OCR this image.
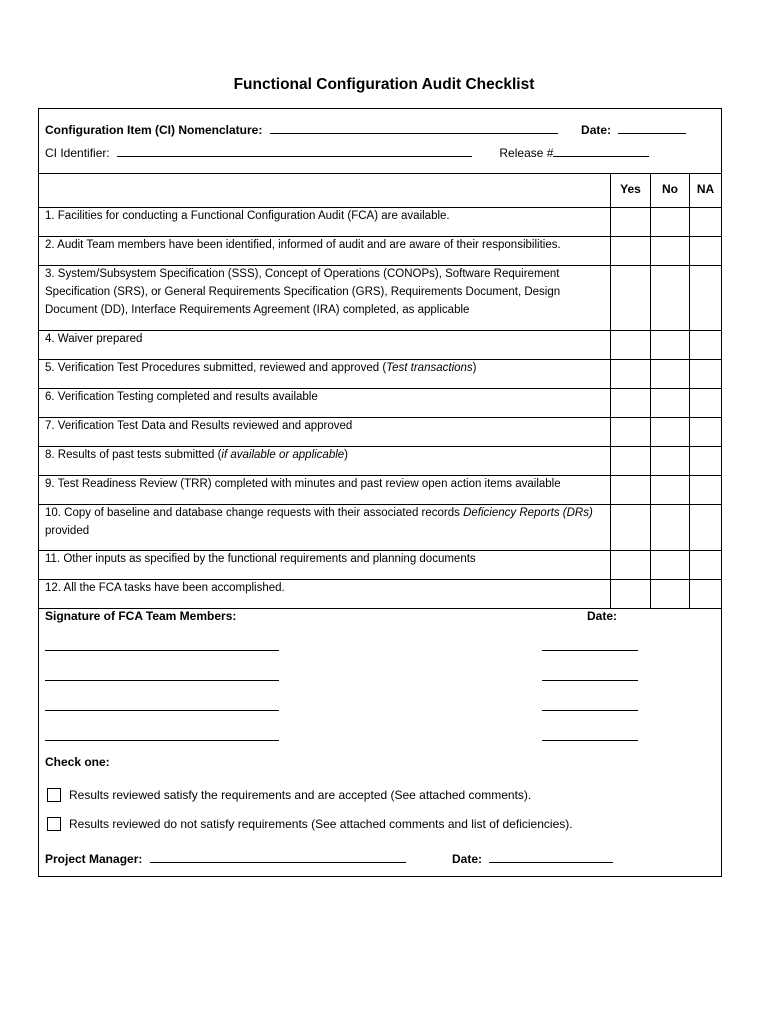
Functional Configuration Audit Checklist
Configuration Item (CI) Nomenclature:	Date:
CI Identifier:	Release #
Yes	No	NA
1. Facilities for conducting a Functional Configuration Audit (FCA) are available.
2. Audit Team members have been identified, informed of audit and are aware of their responsibilities.
3. System/Subsystem Specification (SSS), Concept of Operations (CONOPs), Software Requirement Specification (SRS), or General Requirements Specification (GRS), Requirements Document, Design Document (DD), Interface Requirements Agreement (IRA) completed, as applicable
4. Waiver prepared
5. Verification Test Procedures submitted, reviewed and approved (Test transactions)
6. Verification Testing completed and results available
7. Verification Test Data and Results reviewed and approved
8. Results of past tests submitted (if available or applicable)
9. Test Readiness Review (TRR) completed with minutes and past review open action items available
10. Copy of baseline and database change requests with their associated records Deficiency Reports (DRs) provided
11. Other inputs as specified by the functional requirements and planning documents
12. All the FCA tasks have been accomplished.
Signature of FCA Team Members:	Date:
Check one:
Results reviewed satisfy the requirements and are accepted (See attached comments).
Results reviewed do not satisfy requirements (See attached comments and list of deficiencies).
Project Manager:	Date:
